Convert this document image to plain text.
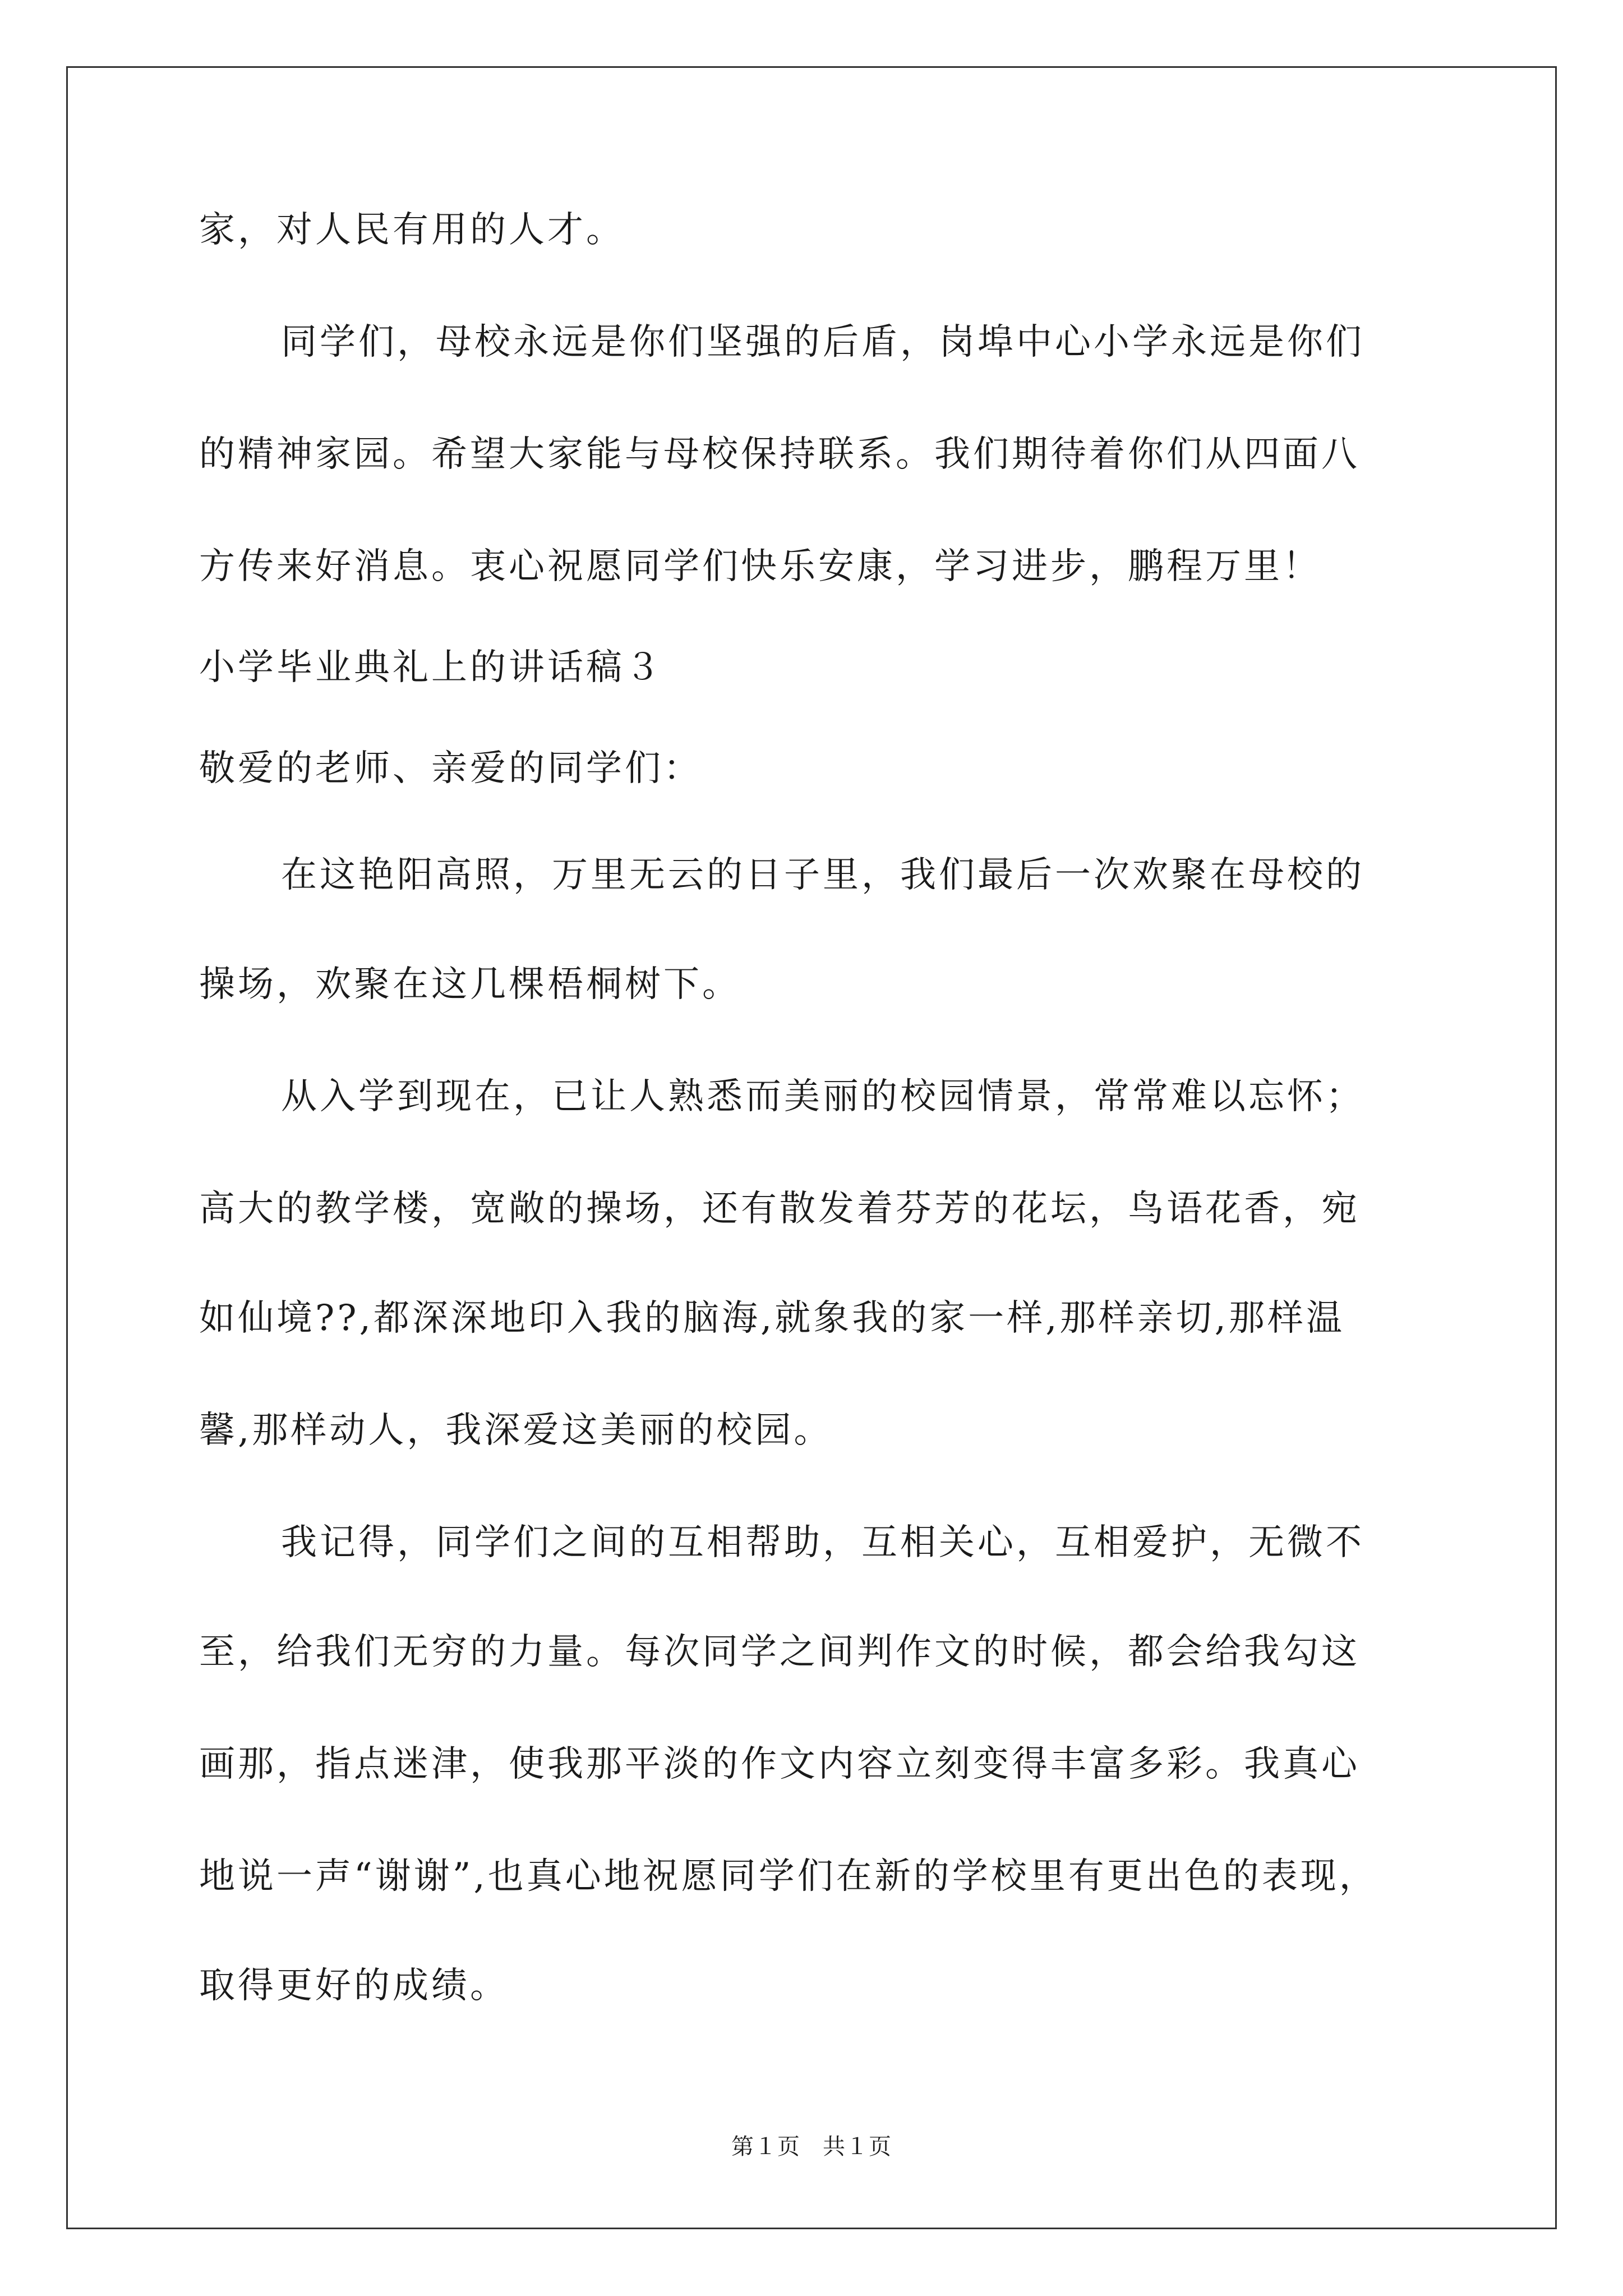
家，对人民有用的人才。
同学们，母校永远是你们坚强的后盾，岗埠中心小学永远是你们
的精神家园。希望大家能与母校保持联系。我们期待着你们从四面八
方传来好消息。衷心祝愿同学们快乐安康，学习进步，鹏程万里！
小学毕业典礼上的讲话稿３
敬爱的老师、亲爱的同学们：
在这艳阳高照，万里无云的日子里，我们最后一次欢聚在母校的
操场，欢聚在这几棵梧桐树下。
从入学到现在，已让人熟悉而美丽的校园情景，常常难以忘怀；
高大的教学楼，宽敞的操场，还有散发着芬芳的花坛，鸟语花香，宛
如仙境??,都深深地印入我的脑海,就象我的家一样,那样亲切,那样温
馨,那样动人，我深爱这美丽的校园。
我记得，同学们之间的互相帮助，互相关心，互相爱护，无微不
至，给我们无穷的力量。每次同学之间判作文的时候，都会给我勾这
画那，指点迷津，使我那平淡的作文内容立刻变得丰富多彩。我真心
地说一声“谢谢”,也真心地祝愿同学们在新的学校里有更出色的表现，
取得更好的成绩。
第１页 共１页
